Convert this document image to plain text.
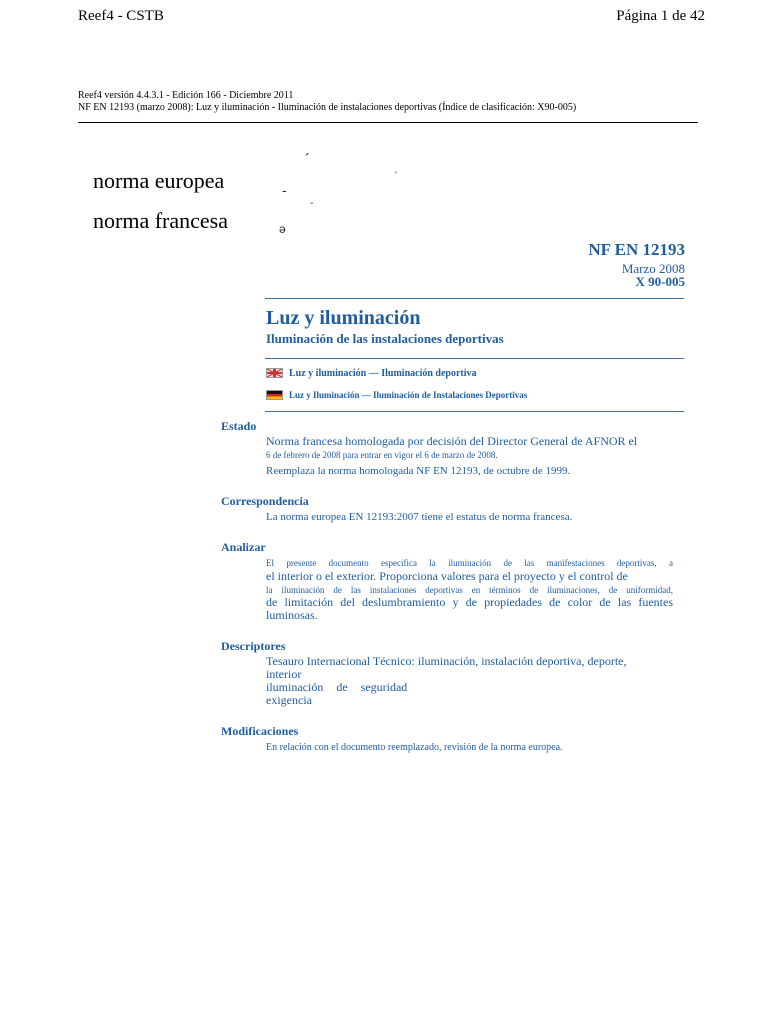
Reef4 - CSTB	Página 1 de 42
Reef4 versión 4.4.3.1 - Edición 166 - Diciembre 2011
NF EN 12193 (marzo 2008): Luz y iluminación - Iluminación de instalaciones deportivas (Índice de clasificación: X90-005)
norma europea
norma francesa
´
-
'
-
ə
NF EN 12193
Marzo 2008
X 90-005
Luz y iluminación
Iluminación de las instalaciones deportivas
Luz y iluminación — Iluminación deportiva
Luz y Iluminación — Iluminación de Instalaciones Deportivas
Estado
Norma francesa homologada por decisión del Director General de AFNOR el
6 de febrero de 2008 para entrar en vigor el 6 de marzo de 2008.
Reemplaza la norma homologada NF EN 12193, de octubre de 1999.
Correspondencia
La norma europea EN 12193:2007 tiene el estatus de norma francesa.
Analizar
El presente documento especifica la iluminación de las manifestaciones deportivas, a
el interior o el exterior. Proporciona valores para el proyecto y el control de
la iluminación de las instalaciones deportivas en términos de iluminaciones, de uniformidad,
de limitación del deslumbramiento y de propiedades de color de las fuentes
luminosas.
Descriptores
Tesauro Internacional Técnico: iluminación, instalación deportiva, deporte,
interior
iluminación de seguridad
exigencia
Modificaciones
En relación con el documento reemplazado, revisión de la norma europea.
